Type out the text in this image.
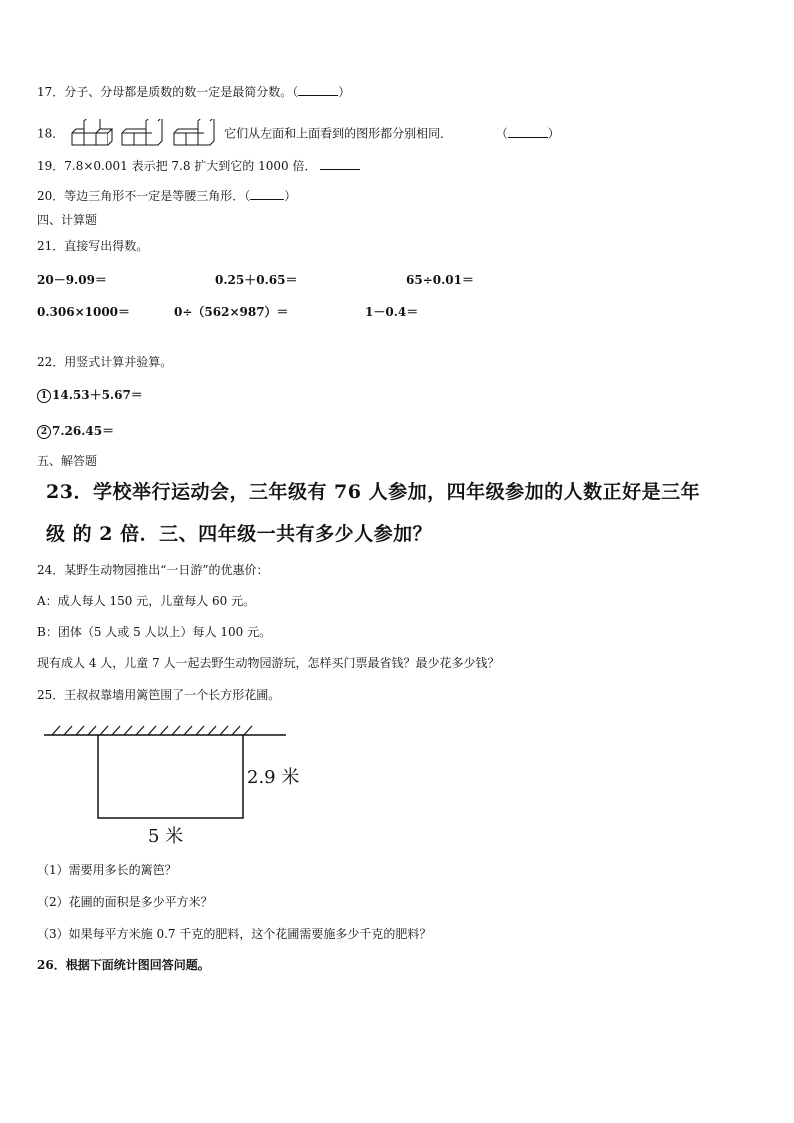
17．分子、分母都是质数的数一定是最简分数。（	）
18．	它们从左面和上面看到的图形都分别相同．	（	）
19．7.8×0.001 表示把 7.8 扩大到它的 1000 倍．
20．等边三角形不一定是等腰三角形．（	）
四、计算题
21．直接写出得数。
20－9.09＝	0.25＋0.65＝	65÷0.01＝
0.306×1000＝	0÷（562×987）＝	1－0.4＝
22．用竖式计算并验算。
1 14.53＋5.67＝
2 7.26.45＝
五、解答题
23．学校举行运动会，三年级有 76 人参加，四年级参加的人数正好是三年
级 的 2 倍．三、四年级一共有多少人参加？
24．某野生动物园推出“一日游”的优惠价：
A：成人每人 150 元，儿童每人 60 元。
B：团体（5 人或 5 人以上）每人 100 元。
现有成人 4 人，儿童 7 人一起去野生动物园游玩，怎样买门票最省钱？最少花多少钱？
25．王叔叔靠墙用篱笆围了一个长方形花圃。
2.9 米
5 米
（1）需要用多长的篱笆？
（2）花圃的面积是多少平方米？
（3）如果每平方米施 0.7 千克的肥料，这个花圃需要施多少千克的肥料？
26．根据下面统计图回答问题。
